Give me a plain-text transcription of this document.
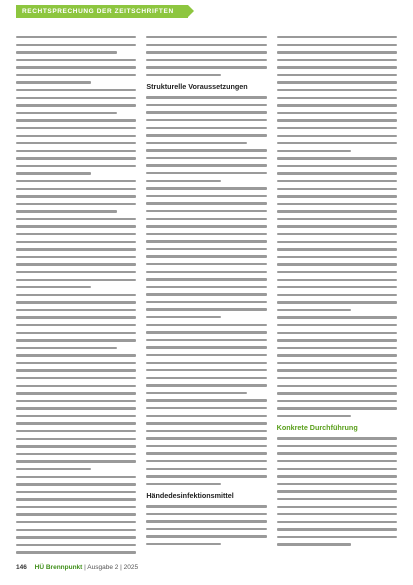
RECHTSPRECHUNG DER ZEITSCHRIFTEN
Strukturelle Voraussetzungen
Händedesinfektionsmittel
Konkrete Durchführung
146 HÜ Brennpunkt | Ausgabe 2 | 2025
